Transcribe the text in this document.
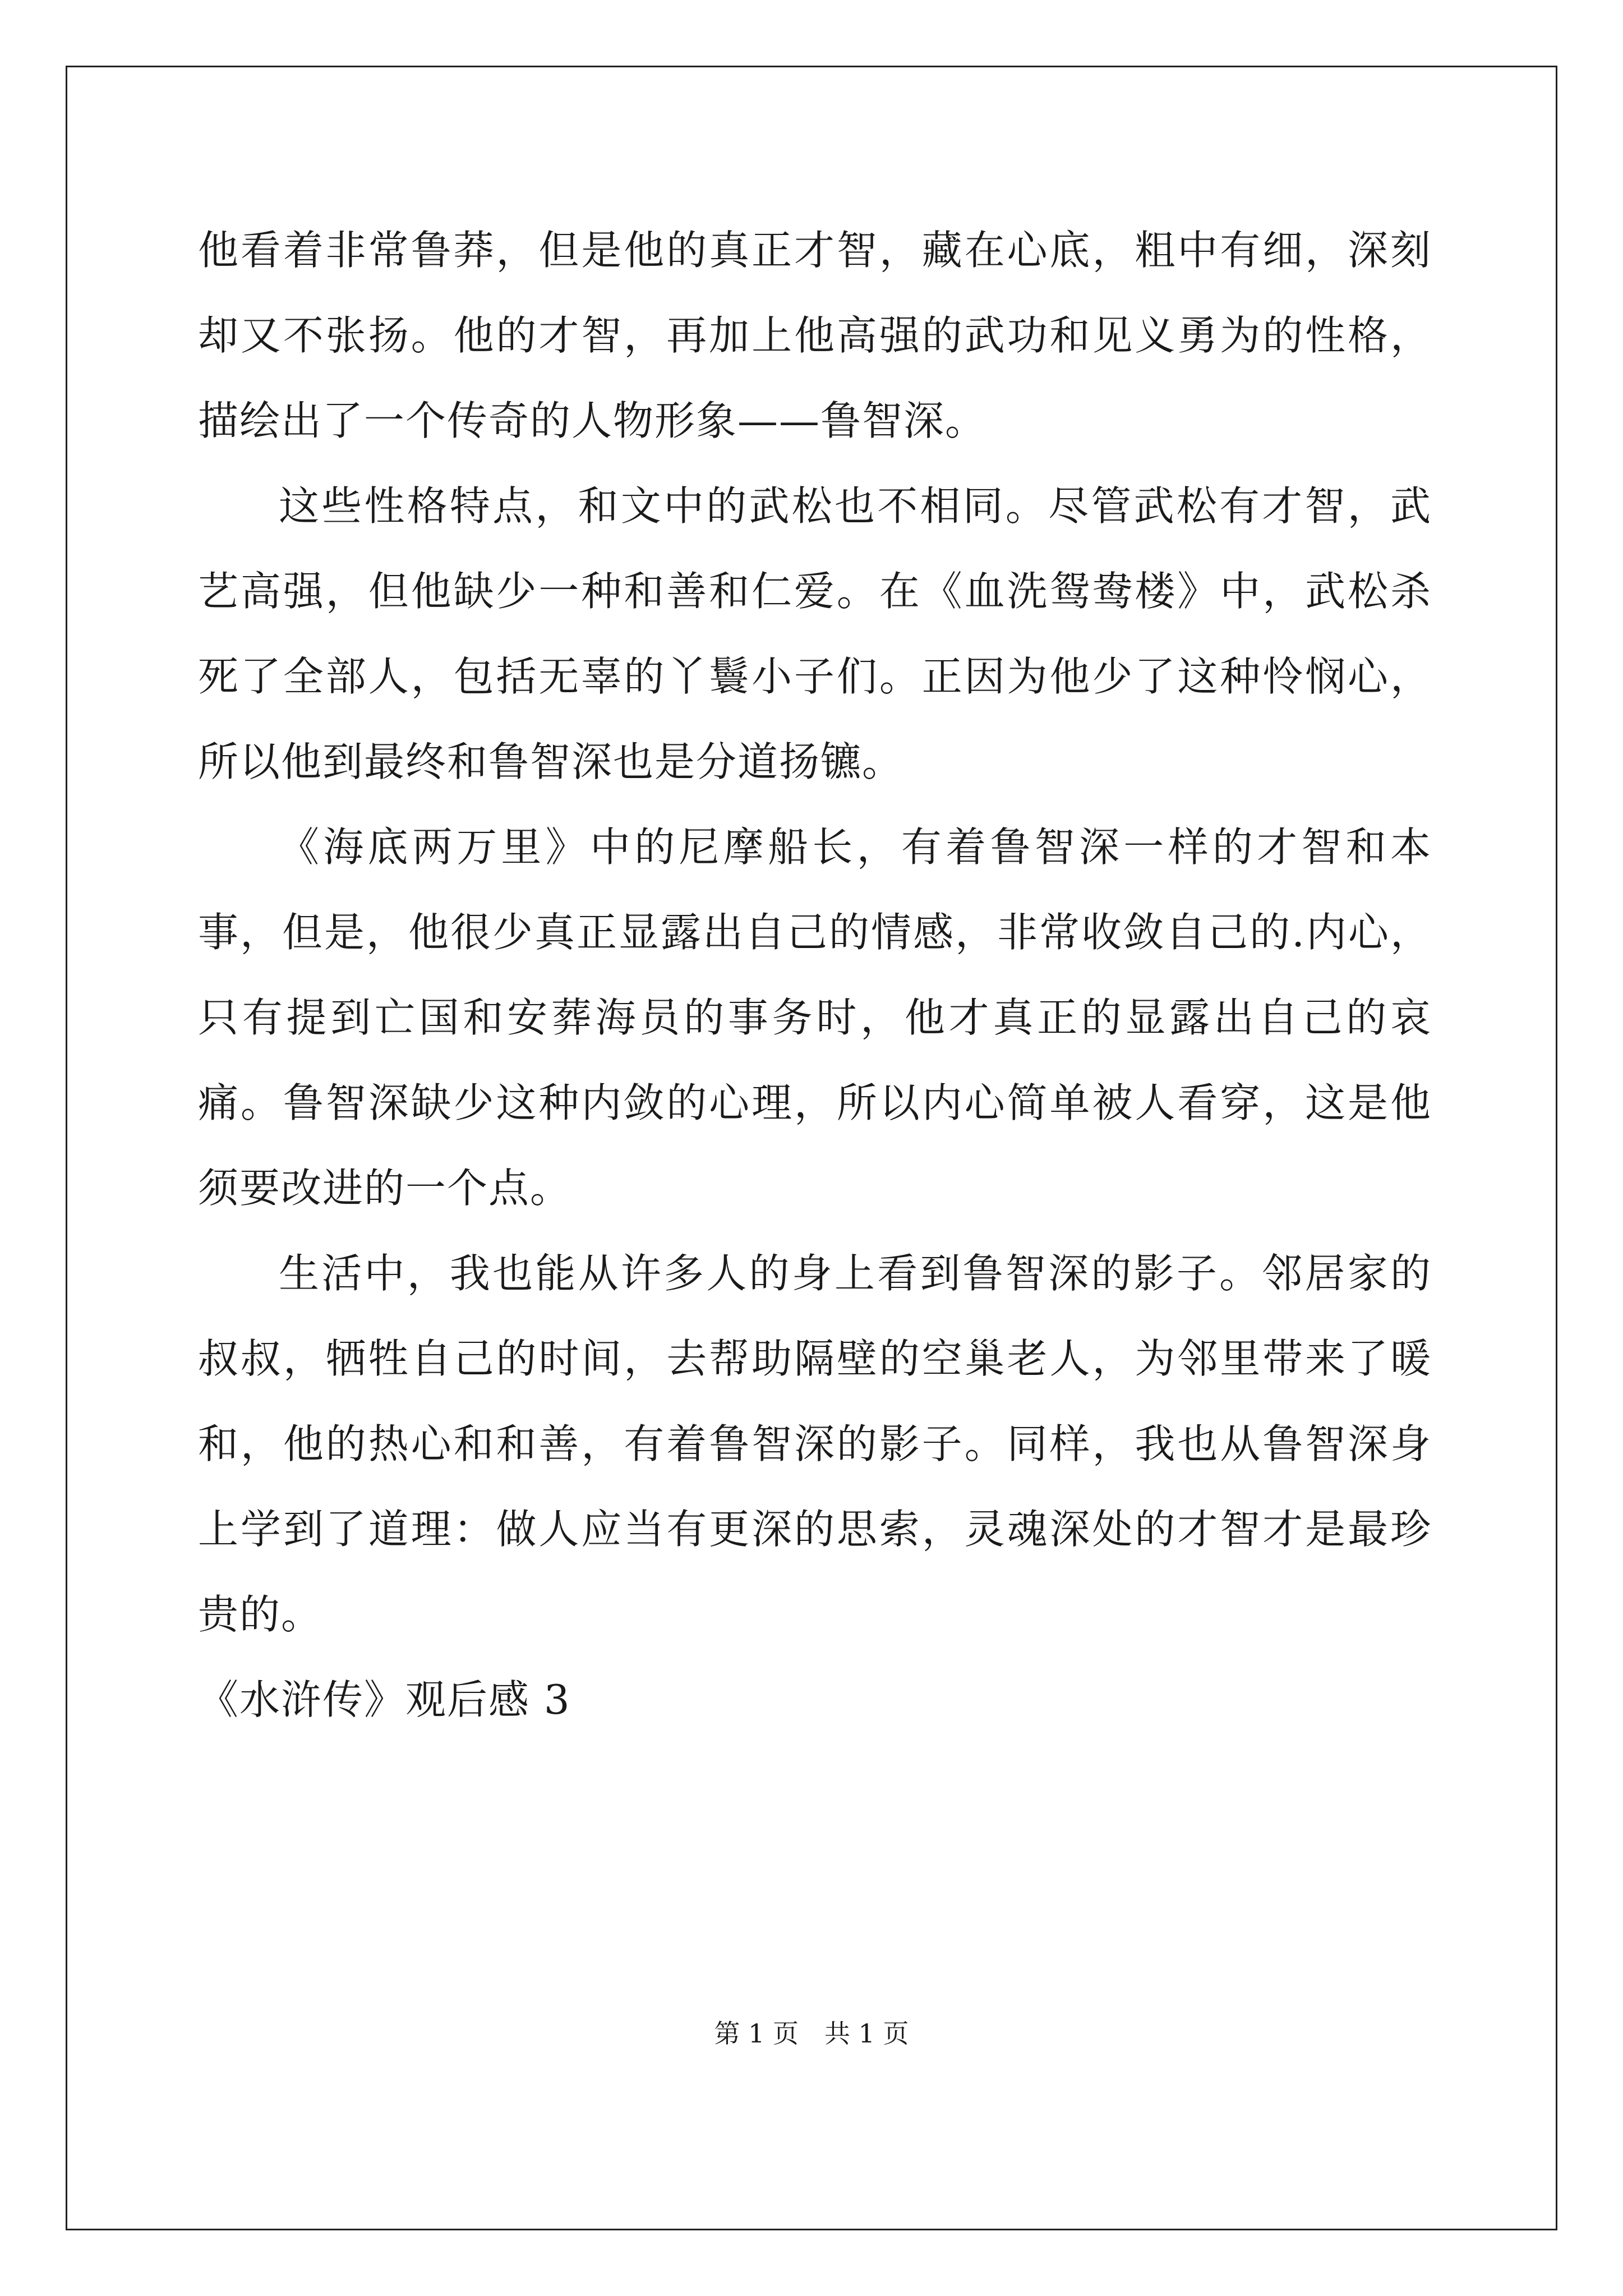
他看着非常鲁莽，但是他的真正才智，藏在心底，粗中有细，深刻却又不张扬。他的才智，再加上他高强的武功和见义勇为的性格，描绘出了一个传奇的人物形象——鲁智深。

这些性格特点，和文中的武松也不相同。尽管武松有才智，武艺高强，但他缺少一种和善和仁爱。在《血洗鸳鸯楼》中，武松杀死了全部人，包括无辜的丫鬟小子们。正因为他少了这种怜悯心，所以他到最终和鲁智深也是分道扬镳。

《海底两万里》中的尼摩船长，有着鲁智深一样的才智和本事，但是，他很少真正显露出自己的情感，非常收敛自己的.内心，只有提到亡国和安葬海员的事务时，他才真正的显露出自己的哀痛。鲁智深缺少这种内敛的心理，所以内心简单被人看穿，这是他须要改进的一个点。

生活中，我也能从许多人的身上看到鲁智深的影子。邻居家的叔叔，牺牲自己的时间，去帮助隔壁的空巢老人，为邻里带来了暖和，他的热心和和善，有着鲁智深的影子。同样，我也从鲁智深身上学到了道理：做人应当有更深的思索，灵魂深处的才智才是最珍贵的。

《水浒传》观后感 3

第 1 页 共 1 页
